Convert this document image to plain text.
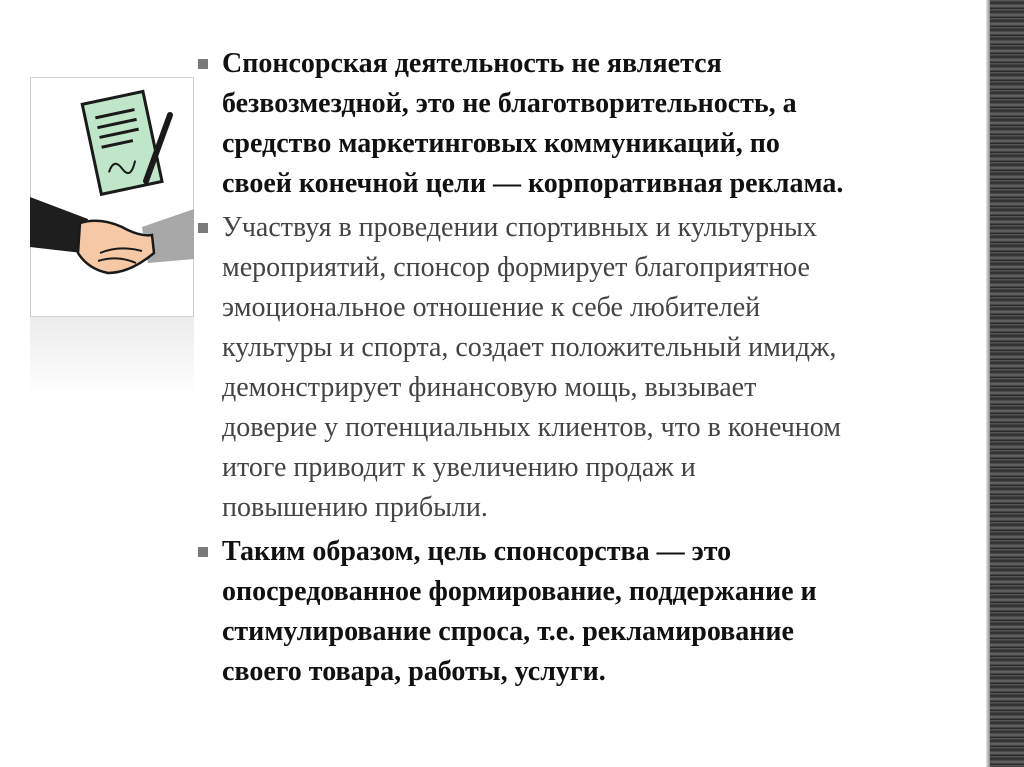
Спонсорская деятельность не является
безвозмездной, это не благотворительность, а
средство маркетинговых коммуникаций, по
своей конечной цели — корпоративная реклама.
Участвуя в проведении спортивных и культурных
мероприятий, спонсор формирует благоприятное
эмоциональное отношение к себе любителей
культуры и спорта, создает положительный имидж,
демонстрирует финансовую мощь, вызывает
доверие у потенциальных клиентов, что в конечном
итоге приводит к увеличению продаж и
повышению прибыли.
Таким образом, цель спонсорства — это
опосредованное формирование, поддержание и
стимулирование спроса, т.е. рекламирование
своего товара, работы, услуги.
